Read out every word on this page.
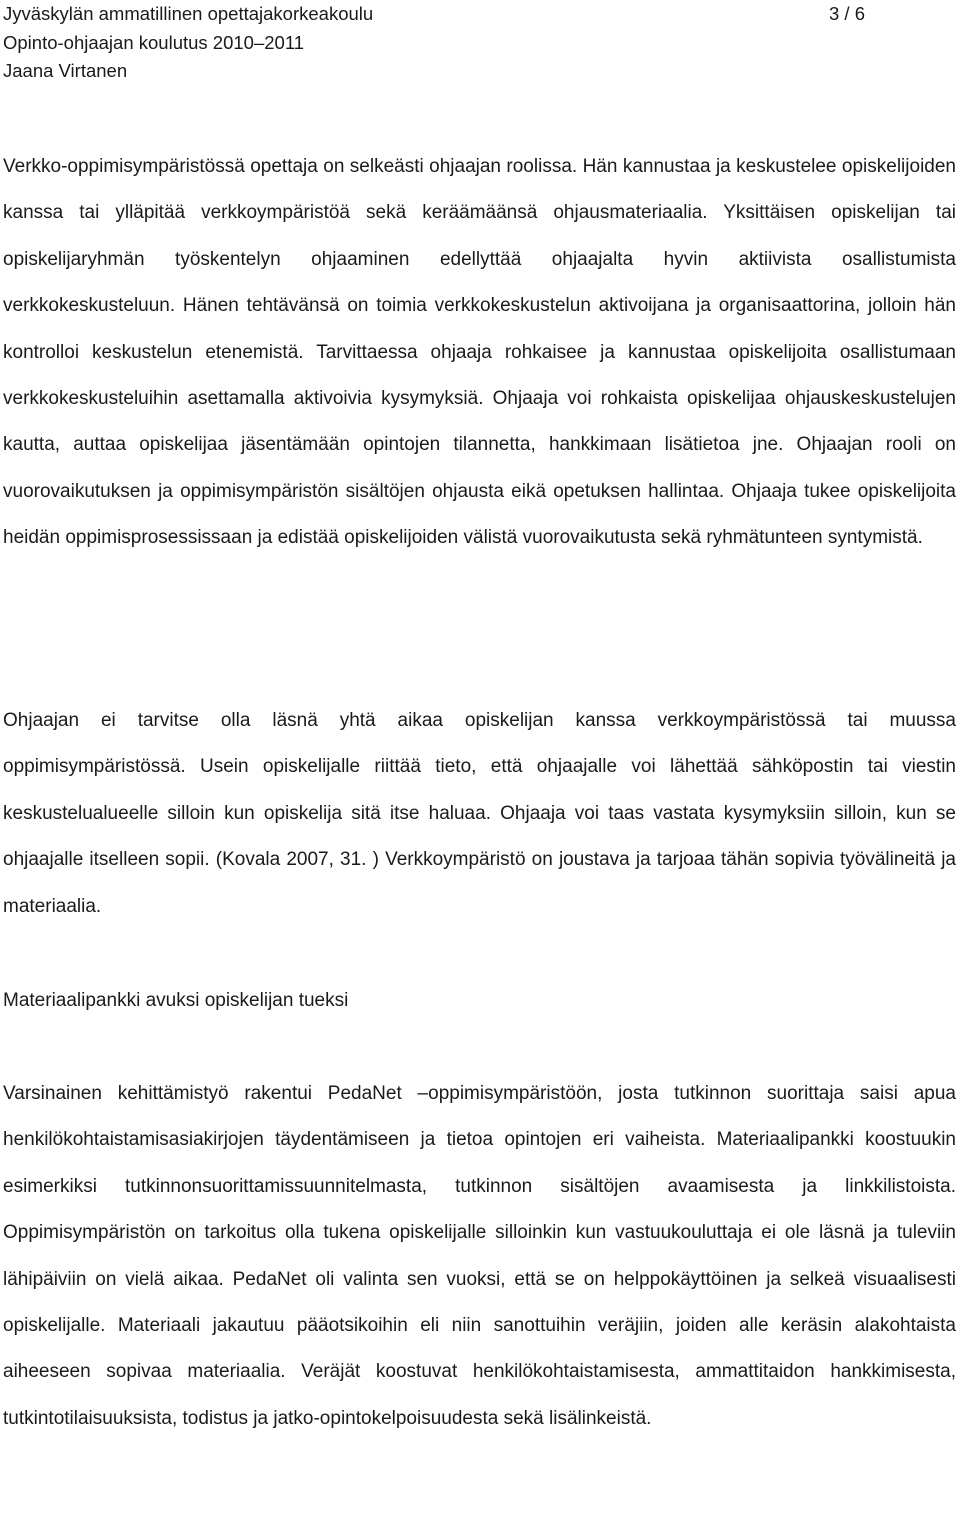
Jyväskylän ammatillinen opettajakorkeakoulu	3 / 6
Opinto-ohjaajan koulutus 2010–2011
Jaana Virtanen

Verkko-oppimisympäristössä opettaja on selkeästi ohjaajan roolissa. Hän kannustaa ja keskustelee opiskelijoiden kanssa tai ylläpitää verkkoympäristöä sekä keräämäänsä ohjausmateriaalia. Yksittäisen opiskelijan tai opiskelijaryhmän työskentelyn ohjaaminen edellyttää ohjaajalta hyvin aktiivista osallistumista verkkokeskusteluun. Hänen tehtävänsä on toimia verkkokeskustelun aktivoijana ja organisaattorina, jolloin hän kontrolloi keskustelun etenemistä. Tarvittaessa ohjaaja rohkaisee ja kannustaa opiskelijoita osallistumaan verkkokeskusteluihin asettamalla aktivoivia kysymyksiä. Ohjaaja voi rohkaista opiskelijaa ohjauskeskustelujen kautta, auttaa opiskelijaa jäsentämään opintojen tilannetta, hankkimaan lisätietoa jne. Ohjaajan rooli on vuorovaikutuksen ja oppimisympäristön sisältöjen ohjausta eikä opetuksen hallintaa. Ohjaaja tukee opiskelijoita heidän oppimisprosessissaan ja edistää opiskelijoiden välistä vuorovaikutusta sekä ryhmätunteen syntymistä.

Ohjaajan ei tarvitse olla läsnä yhtä aikaa opiskelijan kanssa verkkoympäristössä tai muussa oppimisympäristössä. Usein opiskelijalle riittää tieto, että ohjaajalle voi lähettää sähköpostin tai viestin keskustelualueelle silloin kun opiskelija sitä itse haluaa. Ohjaaja voi taas vastata kysymyksiin silloin, kun se ohjaajalle itselleen sopii. (Kovala 2007, 31. ) Verkkoympäristö on joustava ja tarjoaa tähän sopivia työvälineitä ja materiaalia.

Materiaalipankki avuksi opiskelijan tueksi

Varsinainen kehittämistyö rakentui PedaNet –oppimisympäristöön, josta tutkinnon suorittaja saisi apua henkilökohtaistamisasiakirjojen täydentämiseen ja tietoa opintojen eri vaiheista. Materiaalipankki koostuukin esimerkiksi tutkinnonsuorittamissuunnitelmasta, tutkinnon sisältöjen avaamisesta ja linkkilistoista. Oppimisympäristön on tarkoitus olla tukena opiskelijalle silloinkin kun vastuukouluttaja ei ole läsnä ja tuleviin lähipäiviin on vielä aikaa. PedaNet oli valinta sen vuoksi, että se on helppokäyttöinen ja selkeä visuaalisesti opiskelijalle. Materiaali jakautuu pääotsikoihin eli niin sanottuihin veräjiin, joiden alle keräsin alakohtaista aiheeseen sopivaa materiaalia. Veräjät koostuvat henkilökohtaistamisesta, ammattitaidon hankkimisesta, tutkintotilaisuuksista, todistus ja jatko-opintokelpoisuudesta sekä lisälinkeistä.
